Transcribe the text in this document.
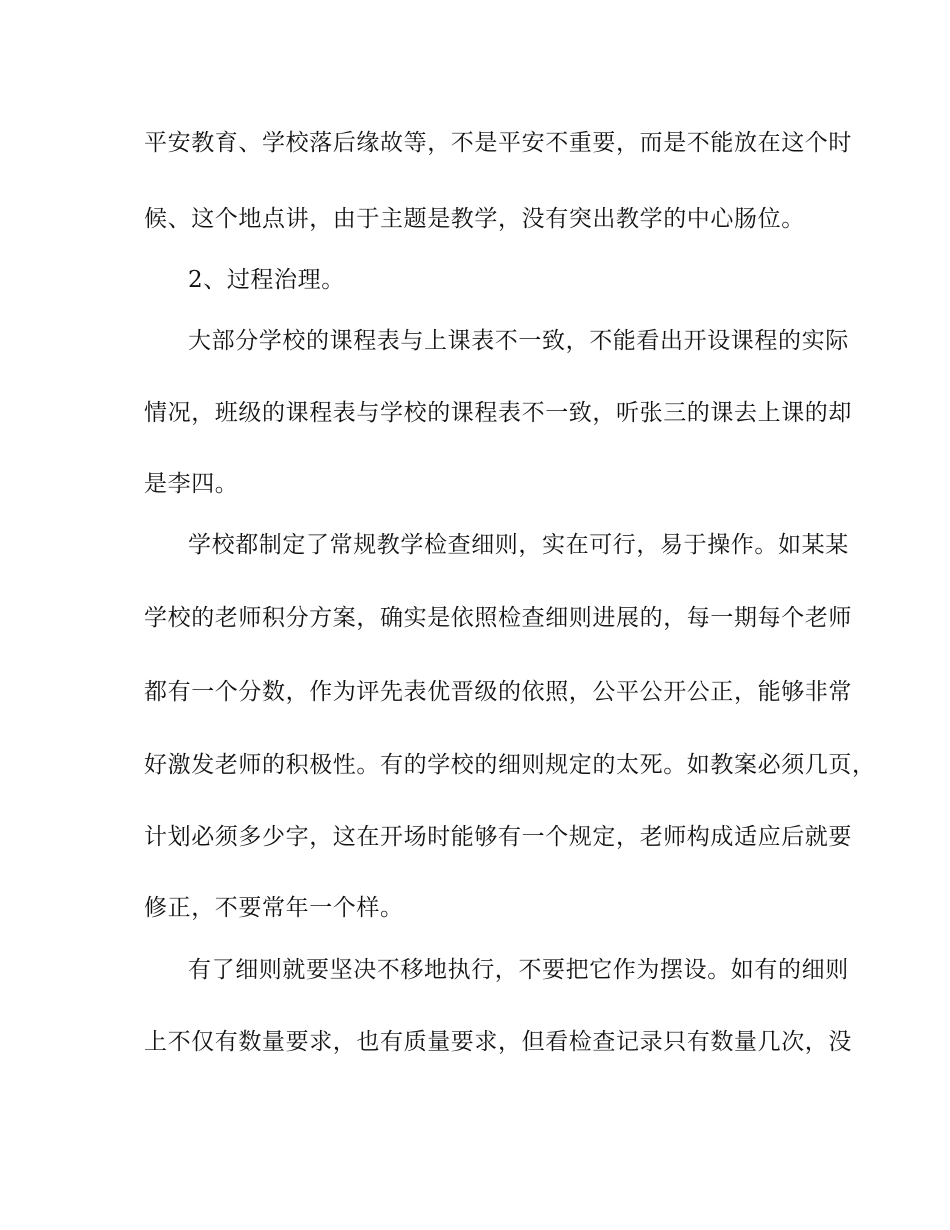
平安教育、学校落后缘故等，不是平安不重要，而是不能放在这个时
候、这个地点讲，由于主题是教学，没有突出教学的中心肠位。
2、过程治理。
大部分学校的课程表与上课表不一致，不能看出开设课程的实际
情况，班级的课程表与学校的课程表不一致，听张三的课去上课的却
是李四。
学校都制定了常规教学检查细则，实在可行，易于操作。如某某
学校的老师积分方案，确实是依照检查细则进展的，每一期每个老师
都有一个分数，作为评先表优晋级的依照，公平公开公正，能够非常
好激发老师的积极性。有的学校的细则规定的太死。如教案必须几页，
计划必须多少字，这在开场时能够有一个规定，老师构成适应后就要
修正，不要常年一个样。
有了细则就要坚决不移地执行，不要把它作为摆设。如有的细则
上不仅有数量要求，也有质量要求，但看检查记录只有数量几次，没
